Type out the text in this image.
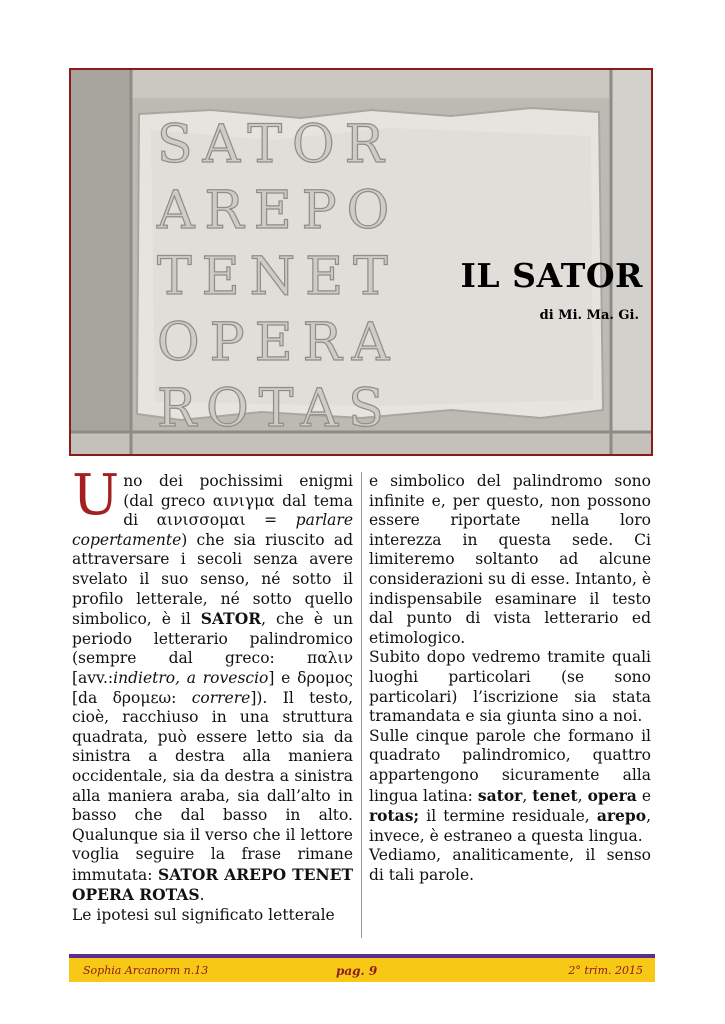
SATOR
AREPO
TENET
OPERA
ROTAS
IL SATOR
di Mi. Ma. Gi.

Uno dei pochissimi enigmi (dal greco αινιγμα dal tema di αινισσομαι = parlare copertamente) che sia riuscito ad attraversare i secoli senza avere svelato il suo senso, né sotto il profilo letterale, né sotto quello simbolico, è il SATOR, che è un periodo letterario palindromico (sempre dal greco: παλιν [avv.:indietro, a rovescio] e δρομος [da δρομεω: correre]). Il testo, cioè, racchiuso in una struttura quadrata, può essere letto sia da sinistra a destra alla maniera occidentale, sia da destra a sinistra alla maniera araba, sia dall’alto in basso che dal basso in alto. Qualunque sia il verso che il lettore voglia seguire la frase rimane immutata: SATOR AREPO TENET OPERA ROTAS.

Le ipotesi sul significato letterale

e simbolico del palindromo sono infinite e, per questo, non possono essere riportate nella loro interezza in questa sede. Ci limiteremo soltanto ad alcune considerazioni su di esse. Intanto, è indispensabile esaminare il testo dal punto di vista letterario ed etimologico.

Subito dopo vedremo tramite quali luoghi particolari (se sono particolari) l’iscrizione sia stata tramandata e sia giunta sino a noi.

Sulle cinque parole che formano il quadrato palindromico, quattro appartengono sicuramente alla lingua latina: sator, tenet, opera e rotas; il termine residuale, arepo, invece, è estraneo a questa lingua.

Vediamo, analiticamente, il senso di tali parole.

Sophia Arcanorm n.13	pag. 9	2° trim. 2015
